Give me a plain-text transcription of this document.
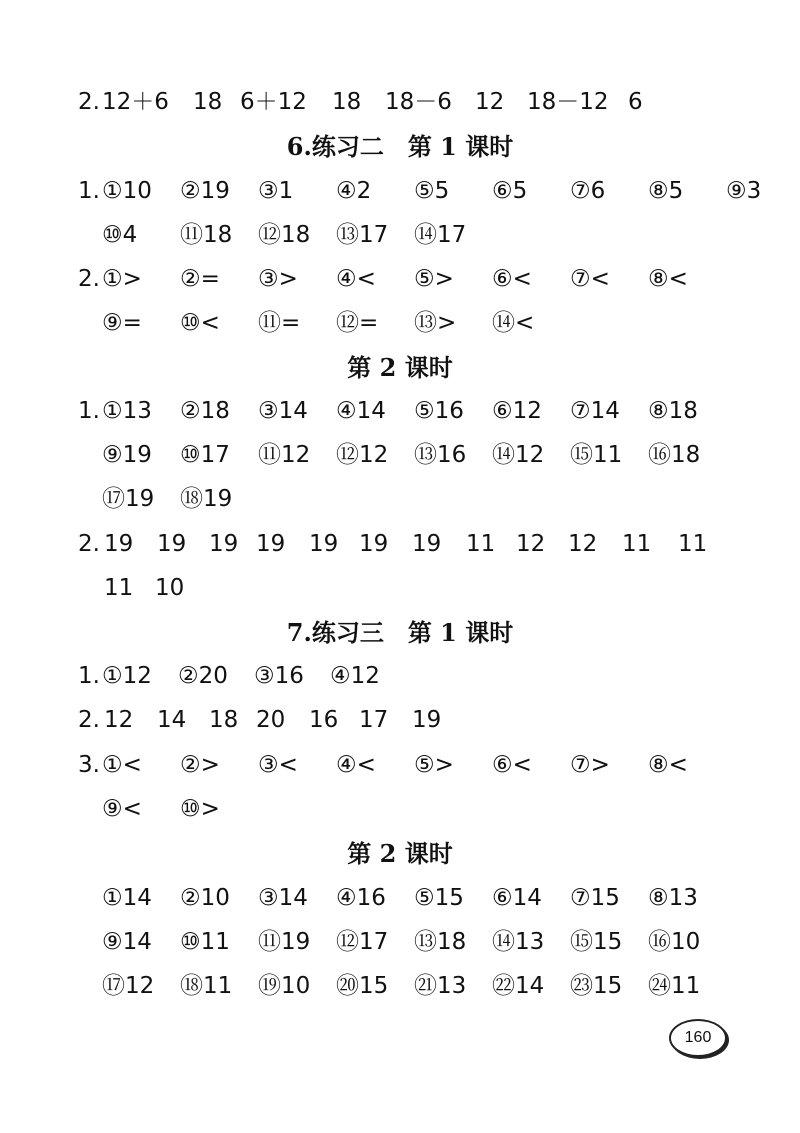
2. 12＋6 18 6＋12 18 18－6 12 18－12 6
6.练习二　第 1 课时
1. ①10 ②19 ③1 ④2 ⑤5 ⑥5 ⑦6 ⑧5 ⑨3
⑩4 ⑪18 ⑫18 ⑬17 ⑭17
2. ①> ②= ③> ④< ⑤> ⑥< ⑦< ⑧<
⑨= ⑩< ⑪= ⑫= ⑬> ⑭<
第 2 课时
1. ①13 ②18 ③14 ④14 ⑤16 ⑥12 ⑦14 ⑧18
⑨19 ⑩17 ⑪12 ⑫12 ⑬16 ⑭12 ⑮11 ⑯18
⑰19 ⑱19
2. 19 19 19 19 19 19 19 11 12 12 11 11
11 10
7.练习三　第 1 课时
1. ①12 ②20 ③16 ④12
2. 12 14 18 20 16 17 19
3. ①< ②> ③< ④< ⑤> ⑥< ⑦> ⑧<
⑨< ⑩>
第 2 课时
①14 ②10 ③14 ④16 ⑤15 ⑥14 ⑦15 ⑧13
⑨14 ⑩11 ⑪19 ⑫17 ⑬18 ⑭13 ⑮15 ⑯10
⑰12 ⑱11 ⑲10 ⑳15 ㉑13 ㉒14 ㉓15 ㉔11
160
